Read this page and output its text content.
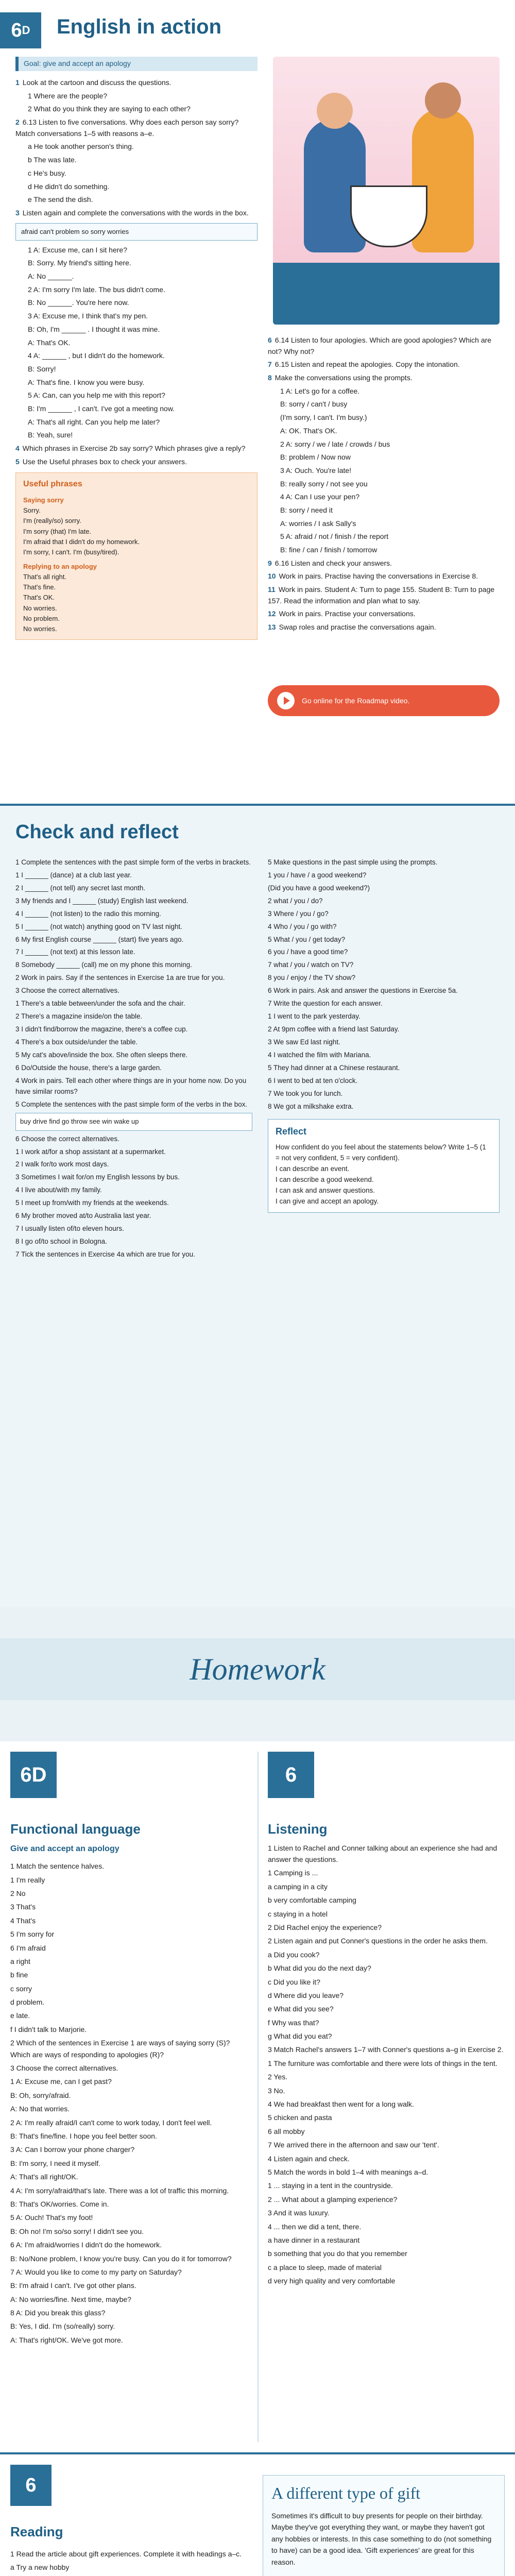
6 D English in action
Goal: give and accept an apology
1 Look at the cartoon and discuss the questions.
1 Where are the people?
2 What do you think they are saying to each other?
2 6.13 Listen to five conversations. Why does each person say sorry? Match conversations 1–5 with reasons a–e.
a He took another person's thing.
b The was late.
c He's busy.
d He didn't do something.
e The send the dish.
3 Listen again and complete the conversations with the words in the box.
afraid can't problem so sorry worries
1 A: Excuse me, can I sit here?
B: Sorry. My friend's sitting here.
A: No ______.
2 A: I'm sorry I'm late. The bus didn't come.
B: No ______. You're here now.
3 A: Excuse me, I think that's my pen.
B: Oh, I'm ______ . I thought it was mine.
A: That's OK.
4 A: ______ , but I didn't do the homework.
B: Sorry!
A: That's fine. I know you were busy.
5 A: Can, can you help me with this report?
B: I'm ______ , I can't. I've got a meeting now.
A: That's all right. Can you help me later?
B: Yeah, sure!
4 Which phrases in Exercise 2b say sorry? Which phrases give a reply?
5 Use the Useful phrases box to check your answers.
Useful phrases
Saying sorry
Sorry.
I'm (really/so) sorry.
I'm sorry (that) I'm late.
I'm afraid that I didn't do my homework.
I'm sorry, I can't. I'm (busy/tired).
Replying to an apology
That's all right.
That's fine.
That's OK.
No worries.
No problem.
No worries.
6 6.14 Listen to four apologies. Which are good apologies? Which are not? Why not?
7 6.15 Listen and repeat the apologies. Copy the intonation.
8 Make the conversations using the prompts.
1 A: Let's go for a coffee.
B: sorry / can't / busy
(I'm sorry, I can't. I'm busy.)
A: OK. That's OK.
2 A: sorry / we / late / crowds / bus
B: problem / Now now
3 A: Ouch. You're late!
B: really sorry / not see you
4 A: Can I use your pen?
B: sorry / need it
A: worries / I ask Sally's
5 A: afraid / not / finish / the report
B: fine / can / finish / tomorrow
9 6.16 Listen and check your answers.
10 Work in pairs. Practise having the conversations in Exercise 8.
11 Work in pairs. Student A: Turn to page 155. Student B: Turn to page 157. Read the information and plan what to say.
12 Work in pairs. Practise your conversations.
13 Swap roles and practise the conversations again.
Go online for the Roadmap video.
Check and reflect
1 Complete the sentences with the past simple form of the verbs in brackets.
1 I ______ (dance) at a club last year.
2 I ______ (not tell) any secret last month.
3 My friends and I ______ (study) English last weekend.
4 I ______ (not listen) to the radio this morning.
5 I ______ (not watch) anything good on TV last night.
6 My first English course ______ (start) five years ago.
7 I ______ (not text) at this lesson late.
8 Somebody ______ (call) me on my phone this morning.
2 Work in pairs. Say if the sentences in Exercise 1a are true for you.
3 Choose the correct alternatives.
1 There's a table between/under the sofa and the chair.
2 There's a magazine inside/on the table.
3 I didn't find/borrow the magazine, there's a coffee cup.
4 There's a box outside/under the table.
5 My cat's above/inside the box. She often sleeps there.
6 Do/Outside the house, there's a large garden.
4 Work in pairs. Tell each other where things are in your home now. Do you have similar rooms?
5 Complete the sentences with the past simple form of the verbs in the box.
buy drive find go throw see win wake up
6 Choose the correct alternatives.
1 I work at/for a shop assistant at a supermarket.
2 I walk for/to work most days.
3 Sometimes I wait for/on my English lessons by bus.
4 I live about/with my family.
5 I meet up from/with my friends at the weekends.
6 My brother moved at/to Australia last year.
7 I usually listen of/to eleven hours.
8 I go of/to school in Bologna.
7 Tick the sentences in Exercise 4a which are true for you.
5 Make questions in the past simple using the prompts.
1 you / have / a good weekend?
(Did you have a good weekend?)
2 what / you / do?
3 Where / you / go?
4 Who / you / go with?
5 What / you / get today?
6 you / have a good time?
7 what / you / watch on TV?
8 you / enjoy / the TV show?
6 Work in pairs. Ask and answer the questions in Exercise 5a.
7 Write the question for each answer.
1 I went to the park yesterday.
2 At 9pm coffee with a friend last Saturday.
3 We saw Ed last night.
4 I watched the film with Mariana.
5 They had dinner at a Chinese restaurant.
6 I went to bed at ten o'clock.
7 We took you for lunch.
8 We got a milkshake extra.
Reflect
How confident do you feel about the statements below? Write 1–5 (1 = not very confident, 5 = very confident).
I can describe an event.
I can describe a good weekend.
I can ask and answer questions.
I can give and accept an apology.
Homework
6D	6
Functional language
Give and accept an apology
1 Match the sentence halves.
1 I'm really
2 No
3 That's
4 That's
5 I'm sorry for
6 I'm afraid
a right
b fine
c sorry
d problem.
e late.
f I didn't talk to Marjorie.
2 Which of the sentences in Exercise 1 are ways of saying sorry (S)? Which are ways of responding to apologies (R)?
3 Choose the correct alternatives.
1 A: Excuse me, can I get past?
B: Oh, sorry/afraid.
A: No that worries.
2 A: I'm really afraid/I can't come to work today, I don't feel well.
B: That's fine/fine. I hope you feel better soon.
3 A: Can I borrow your phone charger?
B: I'm sorry, I need it myself.
A: That's all right/OK.
4 A: I'm sorry/afraid/that's late. There was a lot of traffic this morning.
B: That's OK/worries. Come in.
5 A: Ouch! That's my foot!
B: Oh no! I'm so/so sorry! I didn't see you.
6 A: I'm afraid/worries I didn't do the homework.
B: No/None problem, I know you're busy. Can you do it for tomorrow?
7 A: Would you like to come to my party on Saturday?
B: I'm afraid I can't. I've got other plans.
A: No worries/fine. Next time, maybe?
8 A: Did you break this glass?
B: Yes, I did. I'm (so/really) sorry.
A: That's right/OK. We've got more.
Listening
1 Listen to Rachel and Conner talking about an experience she had and answer the questions.
1 Camping is ...
a camping in a city
b very comfortable camping
c staying in a hotel
2 Did Rachel enjoy the experience?
2 Listen again and put Conner's questions in the order he asks them.
a Did you cook?
b What did you do the next day?
c Did you like it?
d Where did you leave?
e What did you see?
f Why was that?
g What did you eat?
3 Match Rachel's answers 1–7 with Conner's questions a–g in Exercise 2.
1 The furniture was comfortable and there were lots of things in the tent.
2 Yes.
3 No.
4 We had breakfast then went for a long walk.
5 chicken and pasta
6 all mobby
7 We arrived there in the afternoon and saw our 'tent'.
4 Listen again and check.
5 Match the words in bold 1–4 with meanings a–d.
1 ... staying in a tent in the countryside.
2 ... What about a glamping experience?
3 And it was luxury.
4 ... then we did a tent, there.
a have dinner in a restaurant
b something that you do that you remember
c a place to sleep, made of material
d very high quality and very comfortable
6
Reading
1 Read the article about gift experiences. Complete it with headings a–c.
a Try a new hobby
A different type of gift

Sometimes it's difficult to buy presents for people on their birthday. Maybe they've got everything they want, or maybe they haven't got any hobbies or interests. In this case something to do (not something to have) can be a good idea. 'Gift experiences' are great for this reason.
